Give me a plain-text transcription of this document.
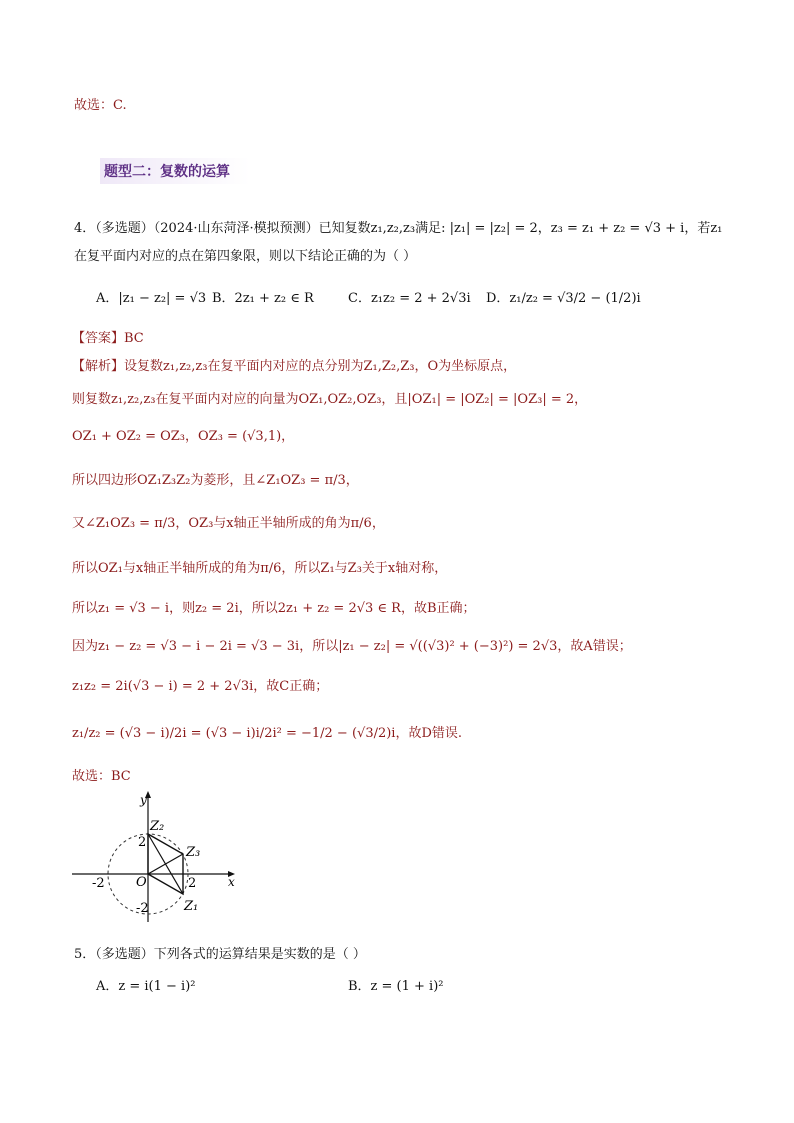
故选：C.
题型二：复数的运算
4．（多选题）（2024·山东菏泽·模拟预测）已知复数z₁,z₂,z₃满足: |z₁| = |z₂| = 2，z₃ = z₁ + z₂ = √3 + i，若z₁
在复平面内对应的点在第四象限，则以下结论正确的为（ ）
A．|z₁ − z₂| = √3 B．2z₁ + z₂ ∈ R	C．z₁z₂ = 2 + 2√3i D．z₁/z₂ = √3/2 − (1/2)i
【答案】BC
【解析】设复数z₁,z₂,z₃在复平面内对应的点分别为Z₁,Z₂,Z₃，O为坐标原点，
则复数z₁,z₂,z₃在复平面内对应的向量为OZ₁,OZ₂,OZ₃，且|OZ₁| = |OZ₂| = |OZ₃| = 2，
OZ₁ + OZ₂ = OZ₃，OZ₃ = (√3,1)，
所以四边形OZ₁Z₃Z₂为菱形，且∠Z₁OZ₃ = π/3，
又∠Z₁OZ₃ = π/3，OZ₃与x轴正半轴所成的角为π/6，
所以OZ₁与x轴正半轴所成的角为π/6，所以Z₁与Z₃关于x轴对称，
所以z₁ = √3 − i，则z₂ = 2i，所以2z₁ + z₂ = 2√3 ∈ R，故B正确；
因为z₁ − z₂ = √3 − i − 2i = √3 − 3i，所以|z₁ − z₂| = √((√3)² + (−3)²) = 2√3，故A错误；
z₁z₂ = 2i(√3 − i) = 2 + 2√3i，故C正确；
z₁/z₂ = (√3 − i)/2i = (√3 − i)i/2i² = −1/2 − (√3/2)i，故D错误.
故选：BC
y
x
O
2
-2
-2	2
Z₂
Z₃
Z₁
5．（多选题）下列各式的运算结果是实数的是（ ）
A．z = i(1 − i)²	B．z = (1 + i)²
